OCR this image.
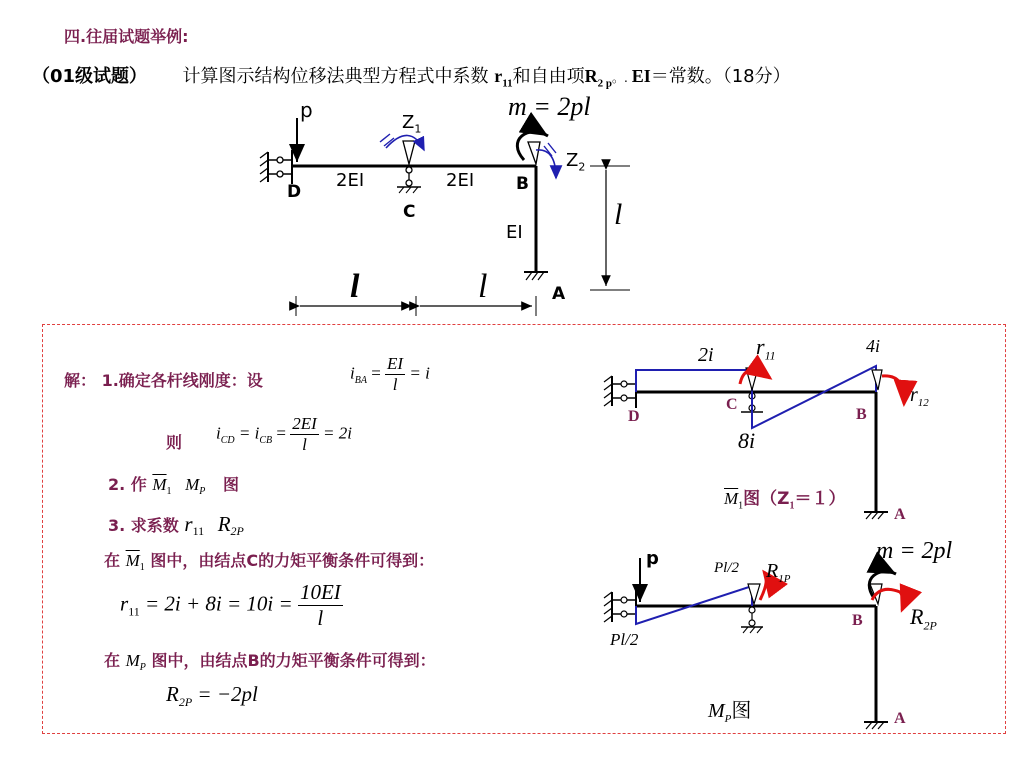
四.往届试题举例:
（01级试题） 计算图示结构位移法典型方程式中系数 $r_{11}$和自由项$R_{2 p}$。. EI＝常数。（18分）
p	m = 2pl
$Z_1$
$Z_2$
2EI	2EI
EI
D
C
B
A
l
l	l
解： 1.确定各杆线刚度：设	$i_{BA} = \frac{EI}{l} = i$
则
$i_{CD} = i_{CB} = \frac{2EI}{l} = 2i$
2. 作 $\overline{M}_1$ $M_P$ 图
3. 求系数 $r_{11}$ $R_{2P}$
在 $\overline{M}_1$ 图中，由结点C的力矩平衡条件可得到：
$r_{11} = 2i + 8i = 10i = \frac{10EI}{l}$
在 $M_P$ 图中，由结点B的力矩平衡条件可得到：
$R_{2P} = -2pl$
2i	4i
8i
$r_{11}$
$r_{12}$
D
C
B
A
$\overline{M}_1$图$(Z_1=1)$
p	m = 2pl
Pl/2
Pl/2
$R_{1P}$
$R_{2P}$
B
A
$M_P$图
